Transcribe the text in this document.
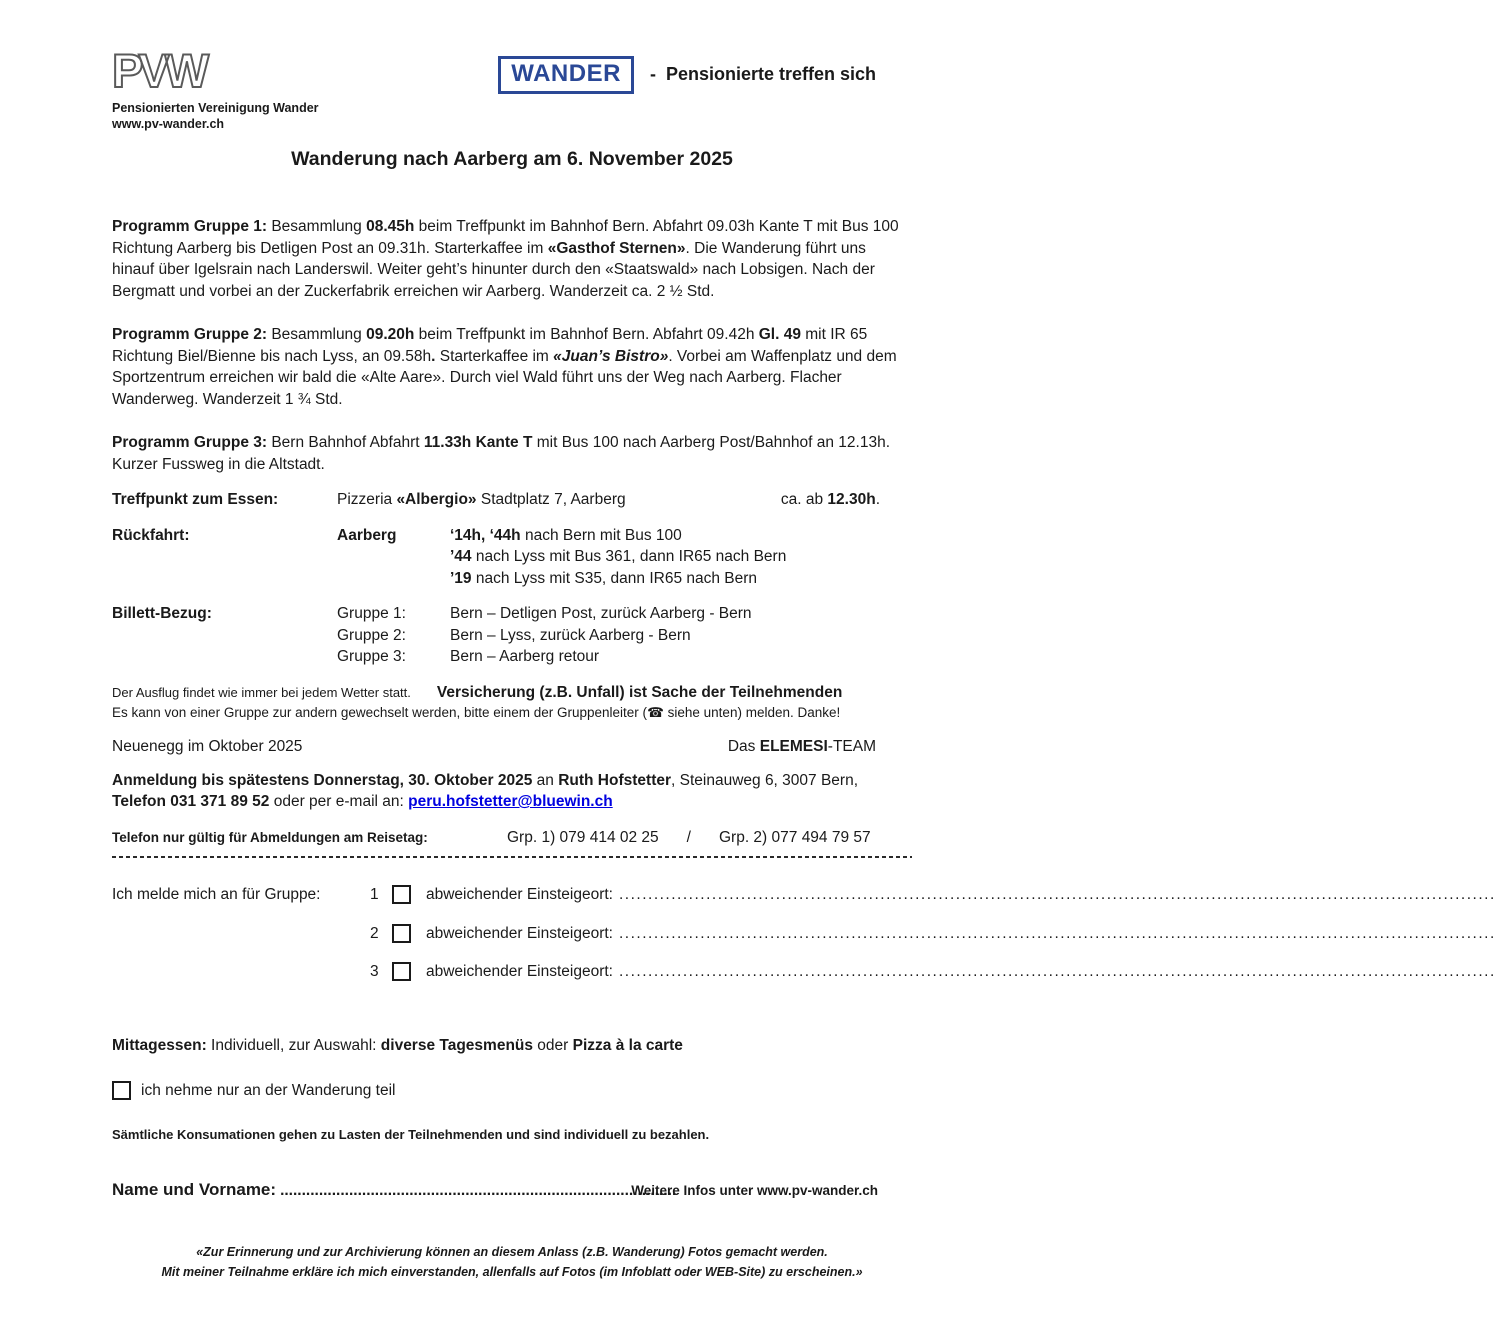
PVW
Pensionierten Vereinigung Wander
www.pv-wander.ch
WANDER	- Pensionierte treffen sich
Wanderung nach Aarberg am 6. November 2025

Programm Gruppe 1: Besammlung 08.45h beim Treffpunkt im Bahnhof Bern. Abfahrt 09.03h Kante T mit Bus 100 Richtung Aarberg bis Detligen Post an 09.31h. Starterkaffee im «Gasthof Sternen». Die Wanderung führt uns hinauf über Igelsrain nach Landerswil. Weiter geht’s hinunter durch den «Staatswald» nach Lobsigen. Nach der Bergmatt und vorbei an der Zuckerfabrik erreichen wir Aarberg. Wanderzeit ca. 2 ½ Std.

Programm Gruppe 2: Besammlung 09.20h beim Treffpunkt im Bahnhof Bern. Abfahrt 09.42h Gl. 49 mit IR 65 Richtung Biel/Bienne bis nach Lyss, an 09.58h. Starterkaffee im «Juan’s Bistro». Vorbei am Waffenplatz und dem Sportzentrum erreichen wir bald die «Alte Aare». Durch viel Wald führt uns der Weg nach Aarberg. Flacher Wanderweg. Wanderzeit 1 ¾ Std.

Programm Gruppe 3: Bern Bahnhof Abfahrt 11.33h Kante T mit Bus 100 nach Aarberg Post/Bahnhof an 12.13h. Kurzer Fussweg in die Altstadt.

Treffpunkt zum Essen:	Pizzeria «Albergio» Stadtplatz 7, Aarberg	ca. ab 12.30h.
Rückfahrt:	Aarberg	‘14h, ‘44h nach Bern mit Bus 100
’44 nach Lyss mit Bus 361, dann IR65 nach Bern
’19 nach Lyss mit S35, dann IR65 nach Bern
Billett-Bezug:	Gruppe 1:	Bern – Detligen Post, zurück Aarberg - Bern
Gruppe 2:	Bern – Lyss, zurück Aarberg - Bern
Gruppe 3:	Bern – Aarberg retour
Der Ausflug findet wie immer bei jedem Wetter statt. Versicherung (z.B. Unfall) ist Sache der Teilnehmenden
Es kann von einer Gruppe zur andern gewechselt werden, bitte einem der Gruppenleiter (☎ siehe unten) melden. Danke!
Neuenegg im Oktober 2025	Das ELEMESI-TEAM

Anmeldung bis spätestens Donnerstag, 30. Oktober 2025 an Ruth Hofstetter, Steinauweg 6, 3007 Bern, Telefon 031 371 89 52 oder per e-mail an: peru.hofstetter@bluewin.ch

Telefon nur gültig für Abmeldungen am Reisetag:	Grp. 1) 079 414 02 25 / Grp. 2) 077 494 79 57
Ich melde mich an für Gruppe:	1	abweichender Einsteigeort: .......................................................................................................................................................
2	abweichender Einsteigeort: .......................................................................................................................................................
3	abweichender Einsteigeort: .......................................................................................................................................................

Mittagessen: Individuell, zur Auswahl: diverse Tagesmenüs oder Pizza à la carte

ich nehme nur an der Wanderung teil
Sämtliche Konsumationen gehen zu Lasten der Teilnehmenden und sind individuell zu bezahlen.
Name und Vorname: ............................................................................................
Weitere Infos unter www.pv-wander.ch
«Zur Erinnerung und zur Archivierung können an diesem Anlass (z.B. Wanderung) Fotos gemacht werden.
Mit meiner Teilnahme erkläre ich mich einverstanden, allenfalls auf Fotos (im Infoblatt oder WEB-Site) zu erscheinen.»
